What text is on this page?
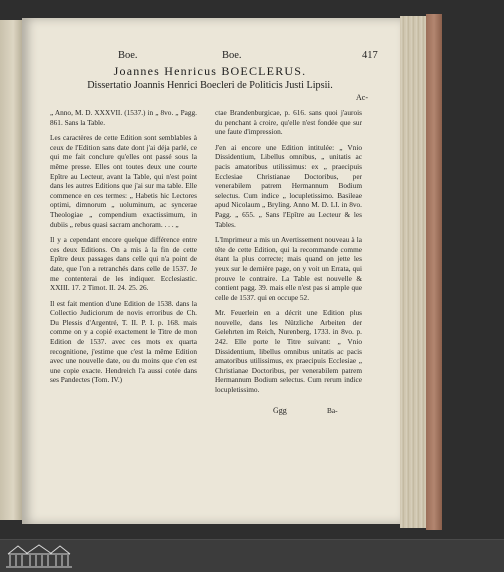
Boe.	Boe.	417
Joannes Henricus BOECLERUS.
Dissertatio Joannis Henrici Boecleri de Politicis Justi Lipsii.
Ac-

„ Anno, M. D. XXXVII. (1537.) in „ 8vo. „ Pagg. 861. Sans la Table.

Les caractères de cette Edition sont semblables à ceux de l'Edition sans date dont j'ai déja parlé, ce qui me fait conclure qu'elles ont passé sous la même presse. Elles ont toutes deux une courte Epître au Lecteur, avant la Table, qui n'est point dans les autres Editions que j'ai sur ma table. Elle commence en ces termes: „ Habetis hic Lectores optimi, dimnorum „ uoluminum, ac syncerae Theologiae „ compendium exactissimum, in dubiis „ rebus quasi sacram anchoram. . . . „

Il y a cependant encore quelque différence entre ces deux Editions. On a mis à la fin de cette Epître deux passages dans celle qui n'a point de date, que l'on a retranchés dans celle de 1537. Je me contenterai de les indiquer. Ecclesiastic. XXIII. 17. 2 Timot. II. 24. 25. 26.

Il est fait mention d'une Edition de 1538. dans la Collectio Judiciorum de novis erroribus de Ch. Du Plessis d'Argentré, T. II. P. I. p. 168. mais comme on y a copié exactement le Titre de mon Edition de 1537. avec ces mots ex quarta recognitione, j'estime que c'est la même Edition avec une nouvelle date, ou du moins que c'en est une copie exacte. Hendreich l'a aussi cotée dans ses Pandectes (Tom. IV.)

ctae Brandenburgicae, p. 616. sans quoi j'aurois du penchant à croire, qu'elle n'est fondée que sur une faute d'impression.

J'en ai encore une Edition intitulée: „ Vnio Dissidentium, Libellus omnibus, „ unitatis ac pacis amatoribus utilissimus: ex „ praecipuis Ecclesiae Christianae Doctoribus, per venerabilem patrem Hermannum Bodium selectus. Cum indice „ locupletissimo. Basileae apud Nicolaum „ Bryling. Anno M. D. LI. in 8vo. Pagg. „ 655. „ Sans l'Epître au Lecteur & les Tables.

L'Imprimeur a mis un Avertissement nouveau à la tête de cette Edition, qui la recommande comme étant la plus correcte; mais quand on jette les yeux sur le dernière page, on y voit un Errata, qui prouve le contraire. La Table est nouvelle & contient pagg. 39. mais elle n'est pas si ample que celle de 1537. qui en occupe 52.

Mr. Feuerlein en a décrit une Edition plus nouvelle, dans les Nützliche Arbeiten der Gelehrten im Reich, Nurenberg, 1733. in 8vo. p. 242. Elle porte le Titre suivant: „ Vnio Dissidentium, libellus omnibus unitatis ac pacis amatoribus utilissimus, ex praecipuis Ecclesiae „ Christianae Doctoribus, per venerabilem patrem Hermannum Bodium selectus. Cum rerum indice locupletissimo.

Ggg	Ba-
